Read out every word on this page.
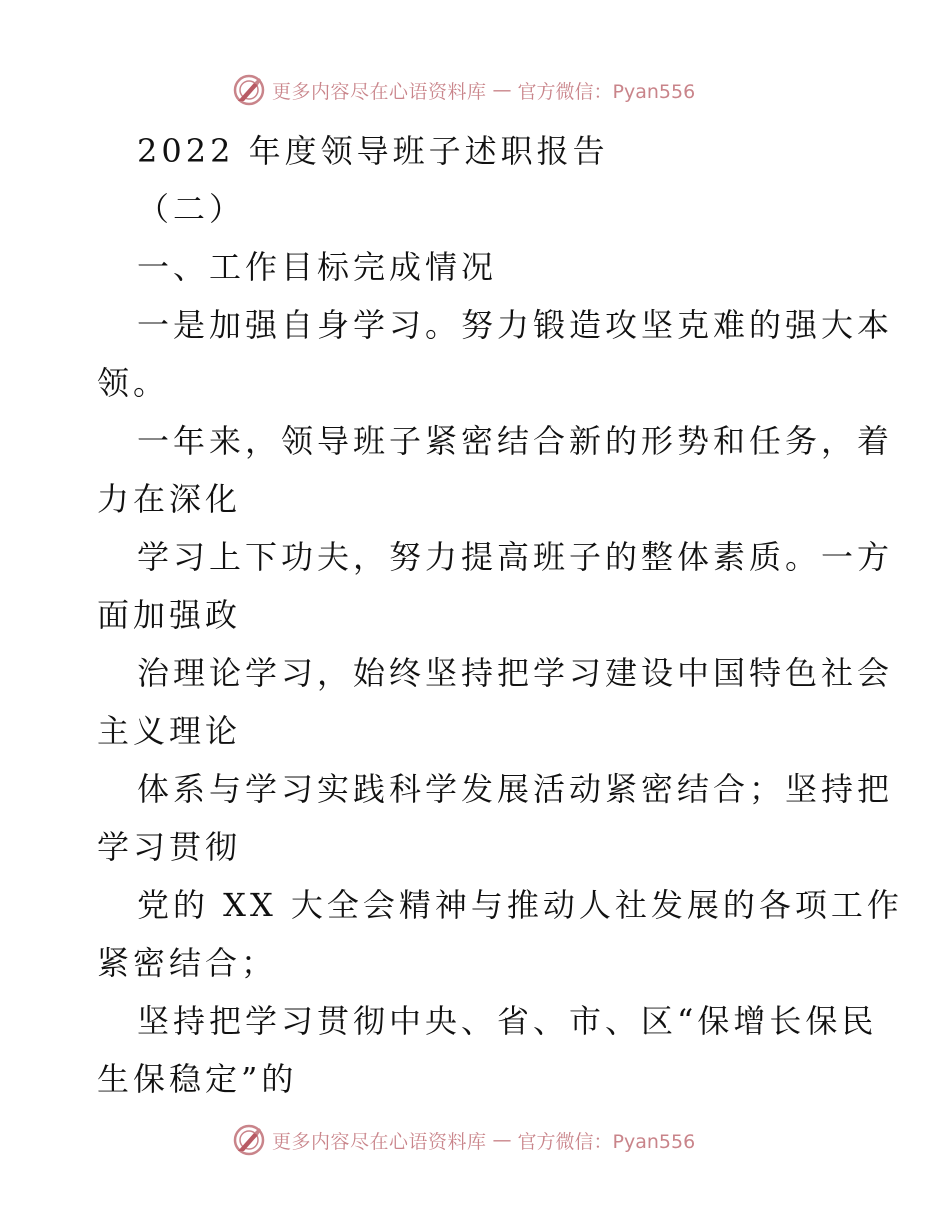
更多内容尽在心语资料库 — 官方微信：Pyan556
2022 年度领导班子述职报告
（二）
一、工作目标完成情况
一是加强自身学习。努力锻造攻坚克难的强大本
领。
一年来，领导班子紧密结合新的形势和任务，着
力在深化
学习上下功夫，努力提高班子的整体素质。一方
面加强政
治理论学习，始终坚持把学习建设中国特色社会
主义理论
体系与学习实践科学发展活动紧密结合；坚持把
学习贯彻
党的 XX 大全会精神与推动人社发展的各项工作
紧密结合；
坚持把学习贯彻中央、省、市、区“保增长保民
生保稳定”的
更多内容尽在心语资料库 — 官方微信：Pyan556
